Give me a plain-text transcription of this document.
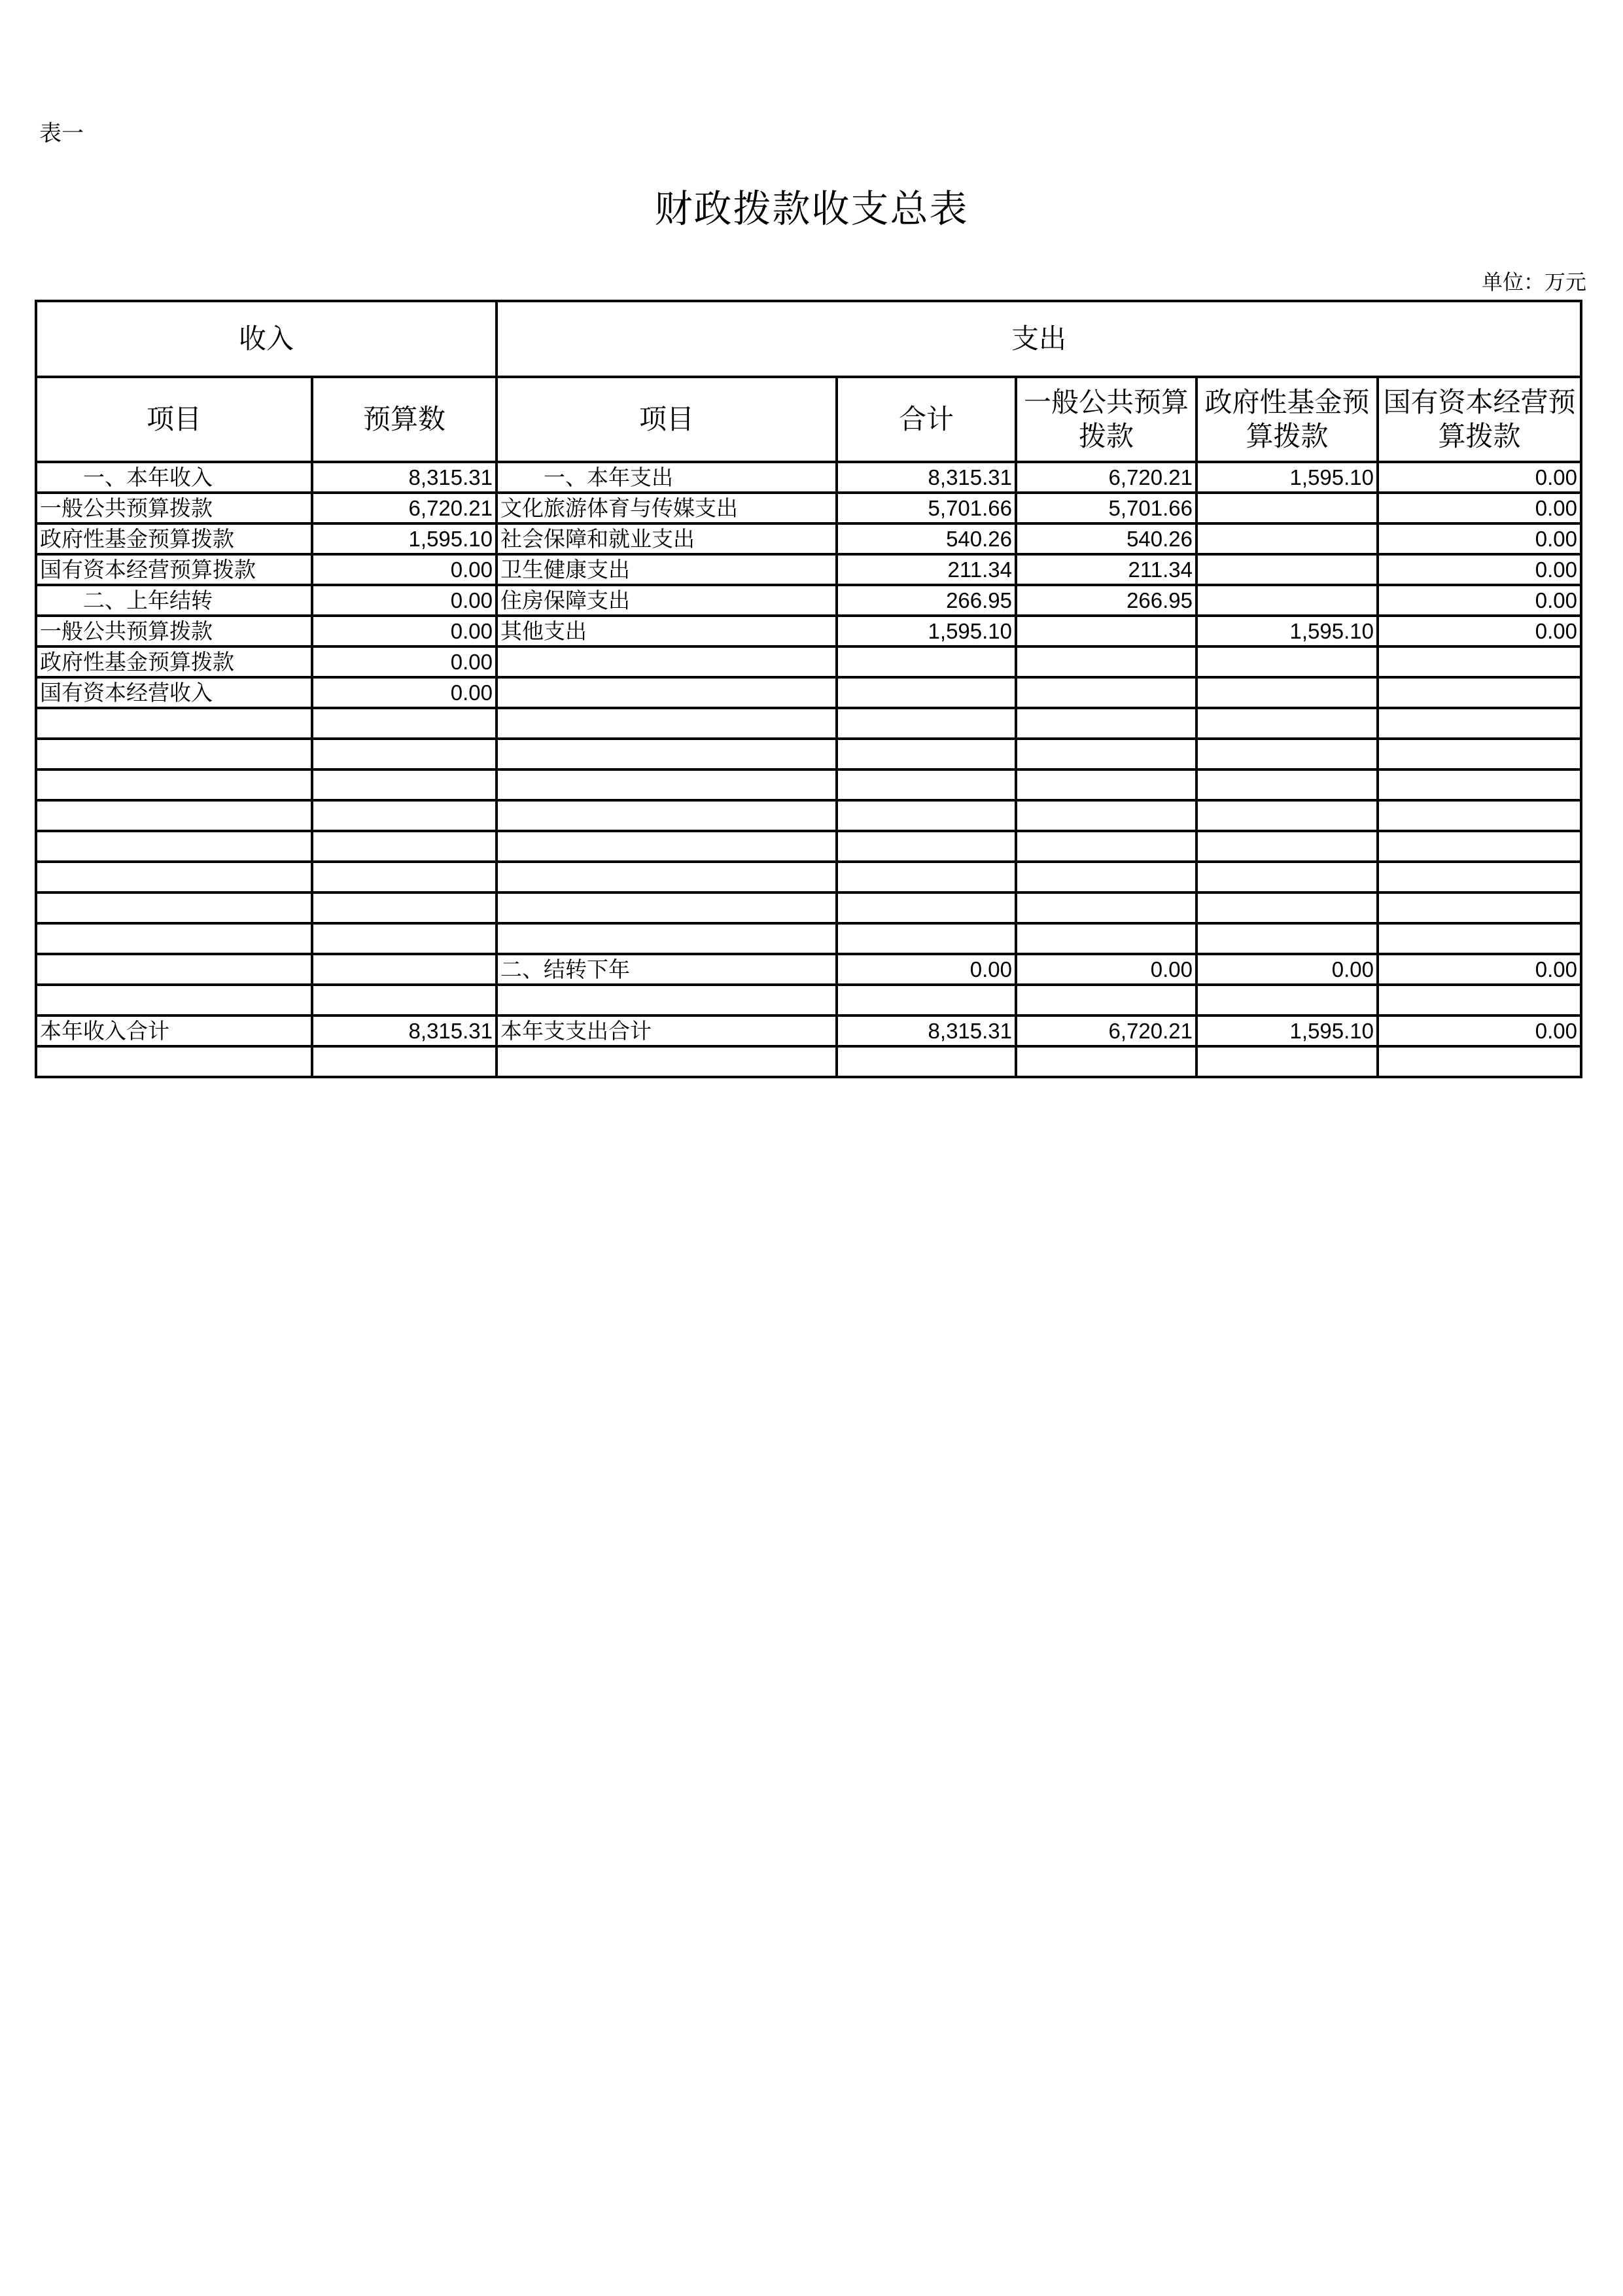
表一
财政拨款收支总表
单位：万元
收入		支出				
项目	预算数	项目	合计	一般公共预算拨款	政府性基金预算拨款	国有资本经营预算拨款
一、本年收入	8,315.31	一、本年支出	8,315.31	6,720.21	1,595.10	0.00
一般公共预算拨款	6,720.21	文化旅游体育与传媒支出	5,701.66	5,701.66		0.00
政府性基金预算拨款	1,595.10	社会保障和就业支出	540.26	540.26		0.00
国有资本经营预算拨款	0.00	卫生健康支出	211.34	211.34		0.00
二、上年结转	0.00	住房保障支出	266.95	266.95		0.00
一般公共预算拨款	0.00	其他支出	1,595.10		1,595.10	0.00
政府性基金预算拨款	0.00					
国有资本经营收入	0.00					

		二、结转下年	0.00	0.00	0.00	0.00

本年收入合计	8,315.31	本年支支出合计	8,315.31	6,720.21	1,595.10	0.00
